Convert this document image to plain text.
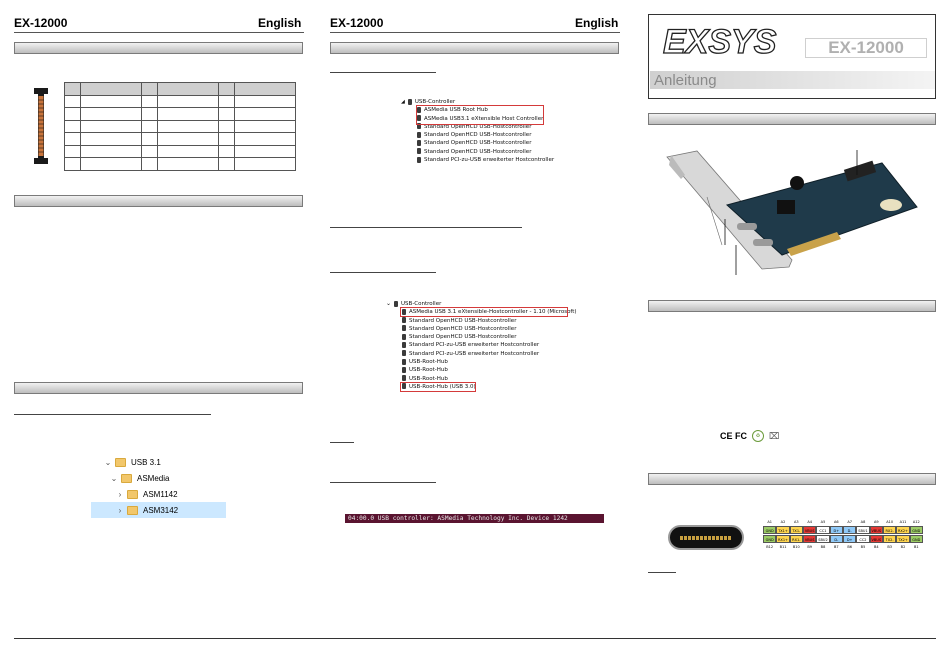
EX-12000	English

⌄	USB 3.1
⌄	ASMedia
›	ASM1142
›	ASM3142
EX-12000	English
◢ USB-Controller
ASMedia USB Root Hub
ASMedia USB3.1 eXtensible Host Controller
Standard OpenHCD USB-Hostcontroller
Standard OpenHCD USB-Hostcontroller
Standard OpenHCD USB-Hostcontroller
Standard OpenHCD USB-Hostcontroller
Standard PCI-zu-USB erweiterter Hostcontroller
⌄ USB-Controller
ASMedia USB 3.1 eXtensible-Hostcontroller - 1.10 (Microsoft)
Standard OpenHCD USB-Hostcontroller
Standard OpenHCD USB-Hostcontroller
Standard OpenHCD USB-Hostcontroller
Standard PCI-zu-USB erweiterter Hostcontroller
Standard PCI-zu-USB erweiterter Hostcontroller
USB-Root-Hub
USB-Root-Hub
USB-Root-Hub
USB-Root-Hub (USB 3.0)
04:00.0 USB controller: ASMedia Technology Inc. Device 1242
EXSYS	EX-12000
Anleitung
CE FC	♻ ⌧
A1	A2	A3	A4	A5	A6	A7	A8	A9	A10	A11	A12
GND	TX1+	TX1-	VBUS	CC1	D+	D-	SBU1	VBUS	RX2-	RX2+	GND
GND	RX1+	RX1-	VBUS	SBU2	D-	D+	CC2	VBUS	TX2-	TX2+	GND
B12	B11	B10	B9	B8	B7	B6	B5	B4	B3	B2	B1
